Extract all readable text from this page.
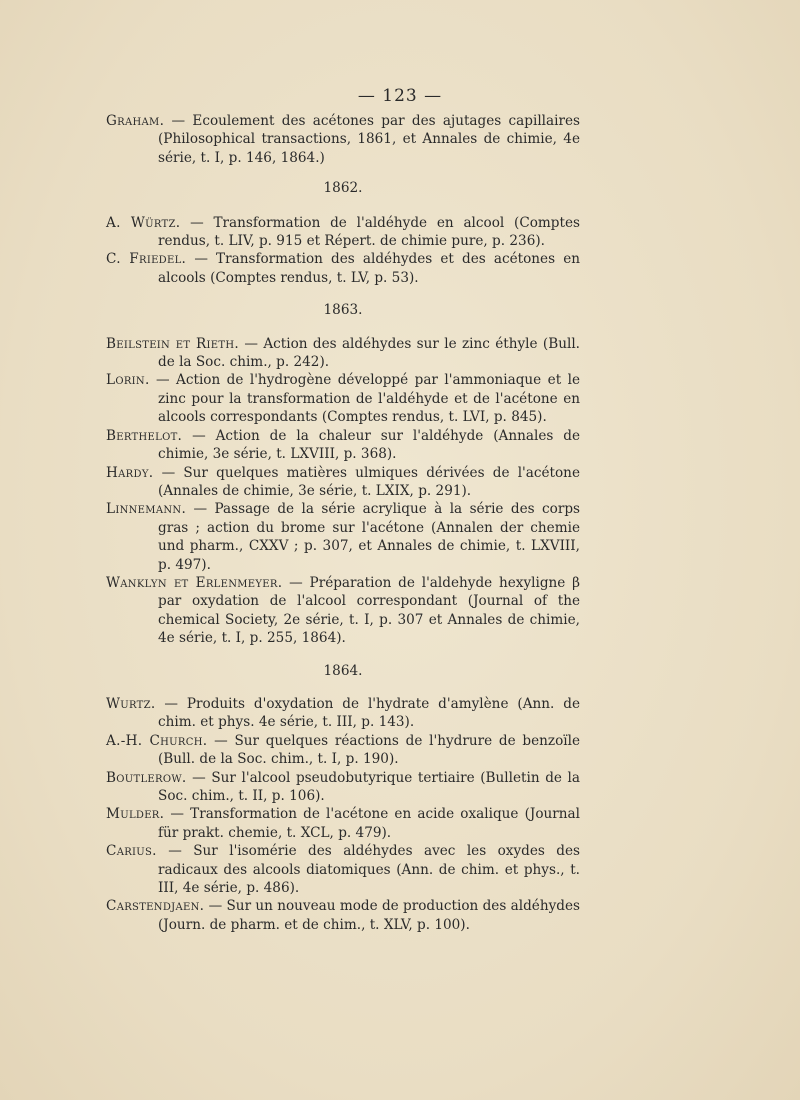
— 123 —

Graham. — Ecoulement des acétones par des ajutages capillaires (Philosophical transactions, 1861, et Annales de chimie, 4e série, t. I, p. 146, 1864.)

1862.

A. Würtz. — Transformation de l'aldéhyde en alcool (Comptes rendus, t. LIV, p. 915 et Répert. de chimie pure, p. 236).

C. Friedel. — Transformation des aldéhydes et des acétones en alcools (Comptes rendus, t. LV, p. 53).

1863.

Beilstein et Rieth. — Action des aldéhydes sur le zinc éthyle (Bull. de la Soc. chim., p. 242).

Lorin. — Action de l'hydrogène développé par l'ammoniaque et le zinc pour la transformation de l'aldéhyde et de l'acétone en alcools correspondants (Comptes rendus, t. LVI, p. 845).

Berthelot. — Action de la chaleur sur l'aldéhyde (Annales de chimie, 3e série, t. LXVIII, p. 368).

Hardy. — Sur quelques matières ulmiques dérivées de l'acétone (Annales de chimie, 3e série, t. LXIX, p. 291).

Linnemann. — Passage de la série acrylique à la série des corps gras ; action du brome sur l'acétone (Annalen der chemie und pharm., CXXV ; p. 307, et Annales de chimie, t. LXVIII, p. 497).

Wanklyn et Erlenmeyer. — Préparation de l'aldehyde hexyligne β par oxydation de l'alcool correspondant (Journal of the chemical Society, 2e série, t. I, p. 307 et Annales de chimie, 4e série, t. I, p. 255, 1864).

1864.

Wurtz. — Produits d'oxydation de l'hydrate d'amylène (Ann. de chim. et phys. 4e série, t. III, p. 143).

A.-H. Church. — Sur quelques réactions de l'hydrure de benzoïle (Bull. de la Soc. chim., t. I, p. 190).

Boutlerow. — Sur l'alcool pseudobutyrique tertiaire (Bulletin de la Soc. chim., t. II, p. 106).

Mulder. — Transformation de l'acétone en acide oxalique (Journal für prakt. chemie, t. XCL, p. 479).

Carius. — Sur l'isomérie des aldéhydes avec les oxydes des radicaux des alcools diatomiques (Ann. de chim. et phys., t. III, 4e série, p. 486).

Carstendjaen. — Sur un nouveau mode de production des aldéhydes (Journ. de pharm. et de chim., t. XLV, p. 100).
